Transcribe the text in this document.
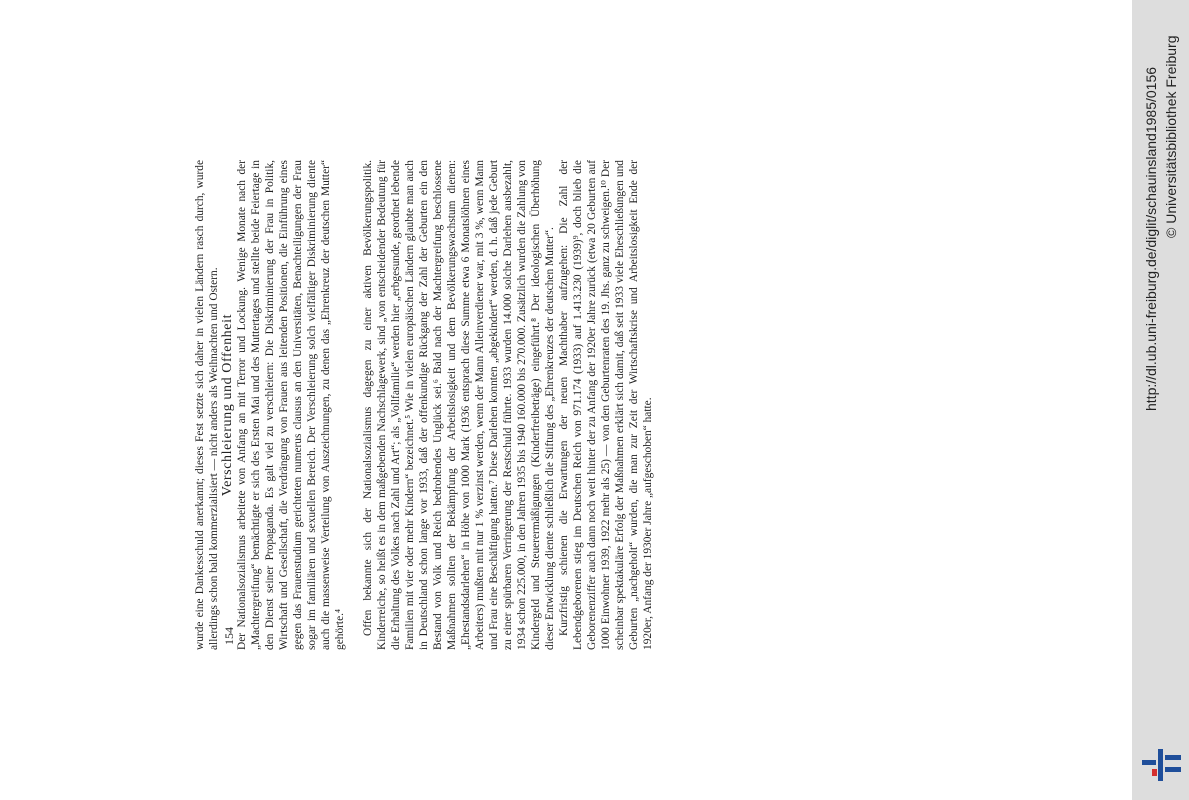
wurde eine Dankesschuld anerkannt; dieses Fest setzte sich daher in vielen Ländern rasch durch, wurde allerdings schon bald kommerzialisiert — nicht anders als Weihnachten und Ostern. Verschleierung und Offenheit Der Nationalsozialismus arbeitete von Anfang an mit Terror und Lockung. Wenige Monate nach der „Machtergreifung“ bemächtigte er sich des Ersten Mai und des Muttertages und stellte beide Feiertage in den Dienst seiner Propaganda. Es galt viel zu verschleiern: Die Diskriminierung der Frau in Politik, Wirtschaft und Gesellschaft, die Verdrängung von Frauen aus leitenden Positionen, die Einführung eines gegen das Frauenstudium gerichteten numerus clausus an den Universitäten, Benachteiligungen der Frau sogar im familiären und sexuellen Bereich. Der Verschleierung solch vielfältiger Diskriminierung diente auch die massenweise Verteilung von Auszeichnungen, zu denen das „Ehrenkreuz der deutschen Mutter“ gehörte.⁴ Offen bekannte sich der Nationalsozialismus dagegen zu einer aktiven Bevölkerungspolitik. Kinderreiche, so heißt es in dem maßgebenden Nachschlagewerk, sind „von entscheidender Bedeutung für die Erhaltung des Volkes nach Zahl und Art“; als „Vollfamilie“ werden hier „erbgesunde, geordnet lebende Familien mit vier oder mehr Kindern“ bezeichnet.⁵ Wie in vielen europäischen Ländern glaubte man auch in Deutschland schon lange vor 1933, daß der offenkundige Rückgang der Zahl der Geburten ein den Bestand von Volk und Reich bedrohendes Unglück sei.⁶ Bald nach der Machtergreifung beschlossene Maßnahmen sollten der Bekämpfung der Arbeitslosigkeit und dem Bevölkerungswachstum dienen: „Ehestandsdarlehen“ in Höhe von 1000 Mark (1936 entsprach diese Summe etwa 6 Monatslöhnen eines Arbeiters) mußten mit nur 1 % verzinst werden, wenn der Mann Alleinverdiener war, mit 3 %, wenn Mann und Frau eine Beschäftigung hatten.⁷ Diese Darlehen konnten „abgekindert“ werden, d. h. daß jede Geburt zu einer spürbaren Verringerung der Restschuld führte. 1933 wurden 14.000 solche Darlehen ausbezahlt, 1934 schon 225.000, in den Jahren 1935 bis 1940 160.000 bis 270.000. Zusätzlich wurden die Zahlung von Kindergeld und Steuerermäßigungen (Kinderfreibeträge) eingeführt.⁸ Der ideologischen Überhöhung dieser Entwicklung diente schließlich die Stiftung des „Ehrenkreuzes der deutschen Mutter“. Kurzfristig schienen die Erwartungen der neuen Machthaber aufzugehen: Die Zahl der Lebendgeborenen stieg im Deutschen Reich von 971.174 (1933) auf 1.413.230 (1939)⁹, doch blieb die Geborenenziffer auch dann noch weit hinter der zu Anfang der 1920er Jahre zurück (etwa 20 Geburten auf 1000 Einwohner 1939, 1922 mehr als 25) — von den Geburtenraten des 19. Jhs. ganz zu schweigen.¹⁰ Der scheinbar spektakuläre Erfolg der Maßnahmen erklärt sich damit, daß seit 1933 viele Eheschließungen und Geburten „nachgeholt“ wurden, die man zur Zeit der Wirtschaftskrise und Arbeitslosigkeit Ende der 1920er, Anfang der 1930er Jahre „aufgeschoben“ hatte.

154
http://dl.ub.uni-freiburg.de/diglit/schauinsland1985/0156 © Universitätsbibliothek Freiburg
